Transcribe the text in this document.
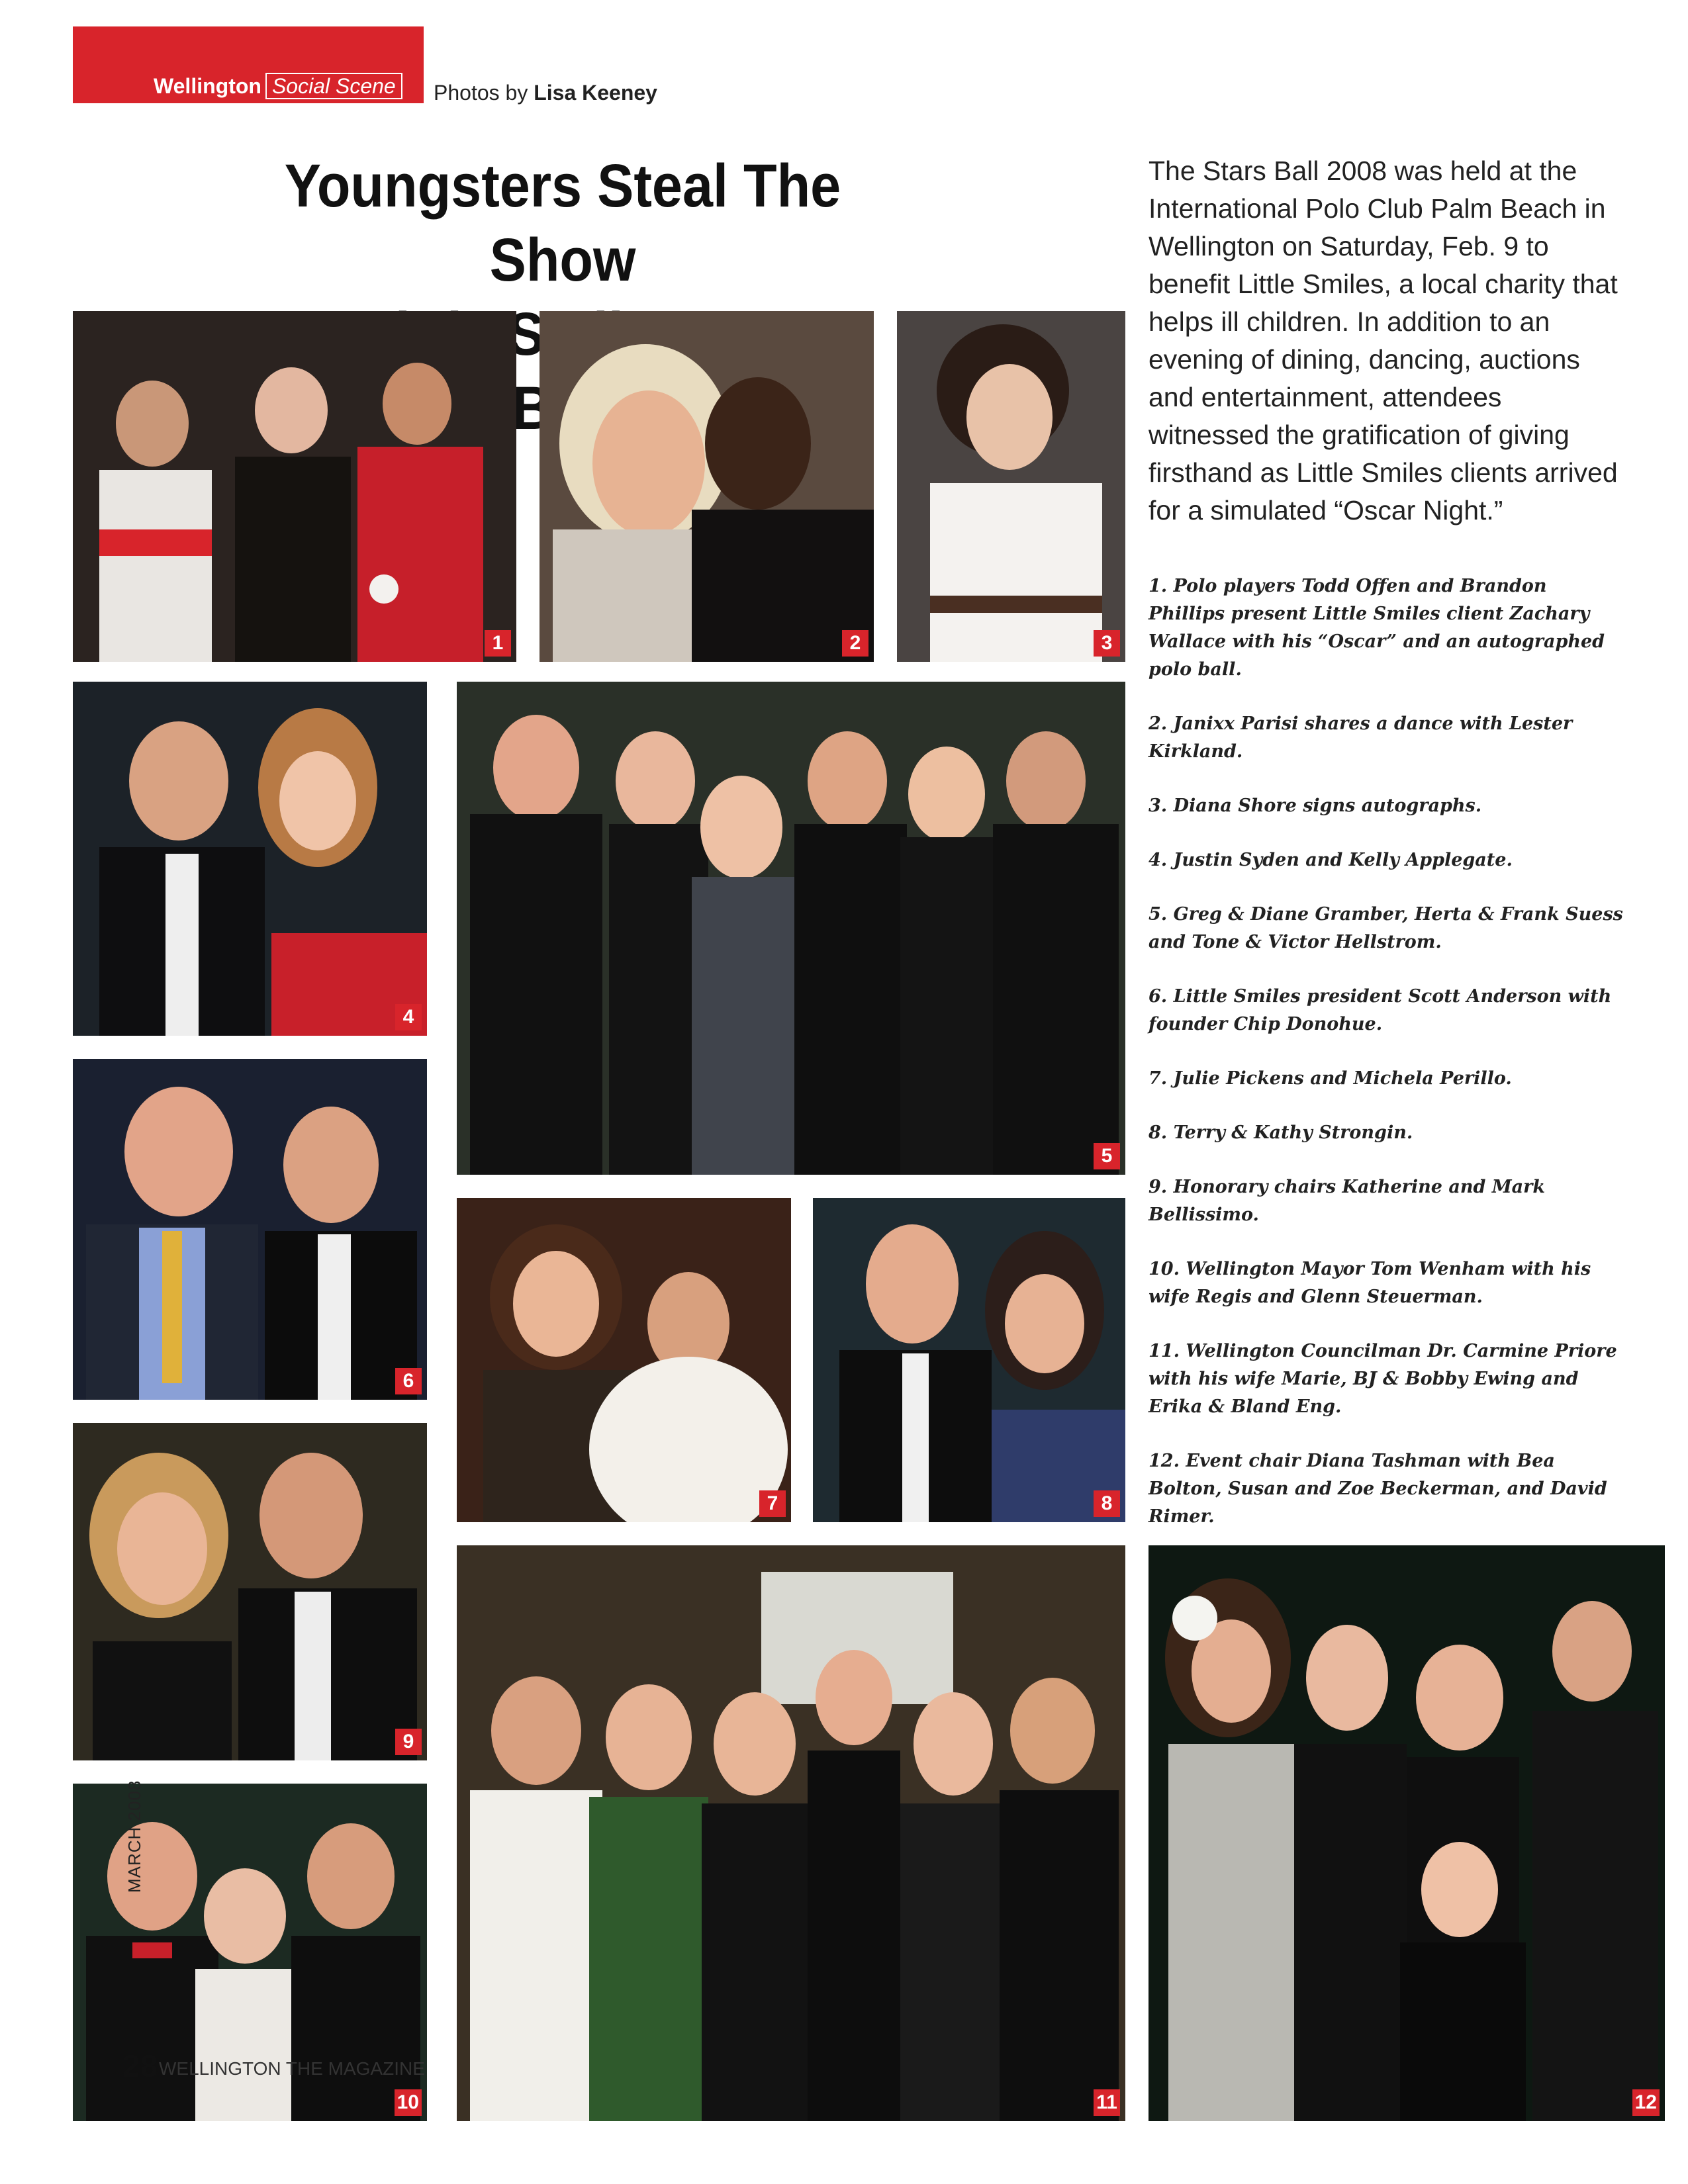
Wellington Social Scene	Photos by Lisa Keeney
Youngsters Steal The Show

The Stars Ball 2008 was held at the International Polo Club Palm Beach in Wellington on Saturday, Feb. 9 to benefit Little Smiles, a local charity that helps ill children. In addition to an evening of dining, dancing, auctions and entertainment, attendees witnessed the gratification of giving firsthand as Little Smiles clients arrived for a simulated “Oscar Night.”

1. Polo players Todd Offen and Brandon Phillips present Little Smiles client Zachary Wallace with his “Oscar” and an autographed polo ball.
2. Janixx Parisi shares a dance with Lester Kirkland.
3. Diana Shore signs autographs.
4. Justin Syden and Kelly Applegate.
5. Greg & Diane Gramber, Herta & Frank Suess and Tone & Victor Hellstrom.
6. Little Smiles president Scott Anderson with founder Chip Donohue.
7. Julie Pickens and Michela Perillo.
8. Terry & Kathy Strongin.
9. Honorary chairs Katherine and Mark Bellissimo.
10. Wellington Mayor Tom Wenham with his wife Regis and Glenn Steuerman.
11. Wellington Councilman Dr. Carmine Priore with his wife Marie, BJ & Bobby Ewing and Erika & Bland Eng.
12. Event chair Diana Tashman with Bea Bolton, Susan and Zoe Beckerman, and David Rimer.
1	2	3
4
5
6
7	8
9
10	11	12
MARCH 2008
28 WELLINGTON THE MAGAZINE
